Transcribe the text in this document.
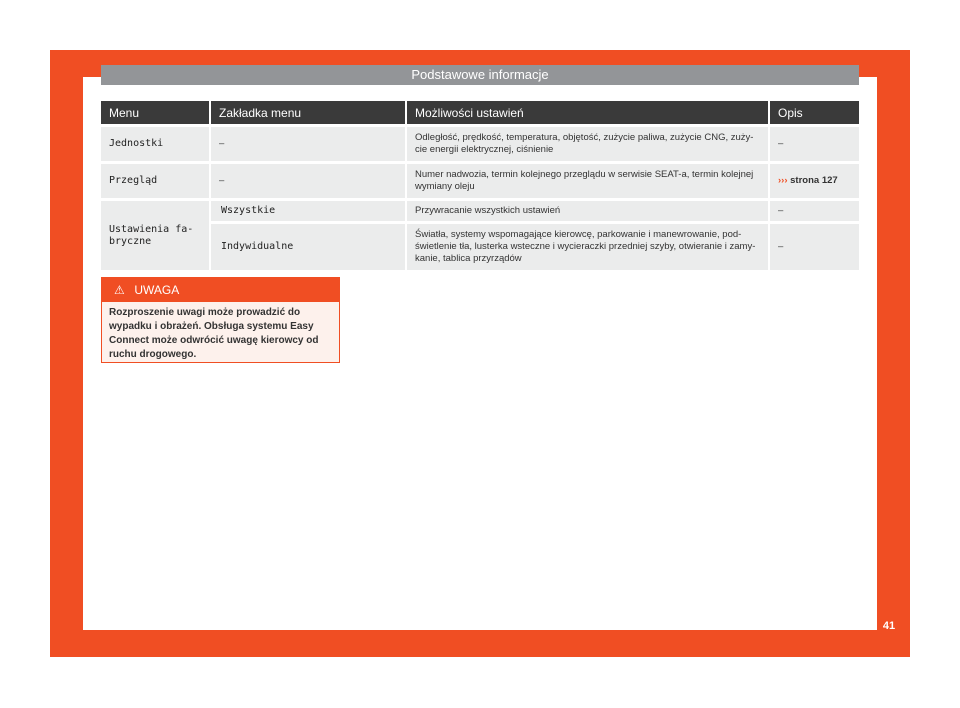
Podstawowe informacje
Menu	Zakładka menu	Możliwości ustawień	Opis
Jednostki	–	Odległość, prędkość, temperatura, objętość, zużycie paliwa, zużycie CNG, zuży-cie energii elektrycznej, ciśnienie	–
Przegląd	–	Numer nadwozia, termin kolejnego przeglądu w serwisie SEAT-a, termin kolejnej wymiany oleju	››› strona 127
Ustawienia fa-bryczne	Wszystkie	Przywracanie wszystkich ustawień	–
	Indywidualne	Światła, systemy wspomagające kierowcę, parkowanie i manewrowanie, pod-świetlenie tła, lusterka wsteczne i wycieraczki przedniej szyby, otwieranie i zamy-kanie, tablica przyrządów	–
⚠ UWAGA
Rozproszenie uwagi może prowadzić do wypadku i obrażeń. Obsługa systemu Easy Connect może odwrócić uwagę kierowcy od ruchu drogowego.
41
